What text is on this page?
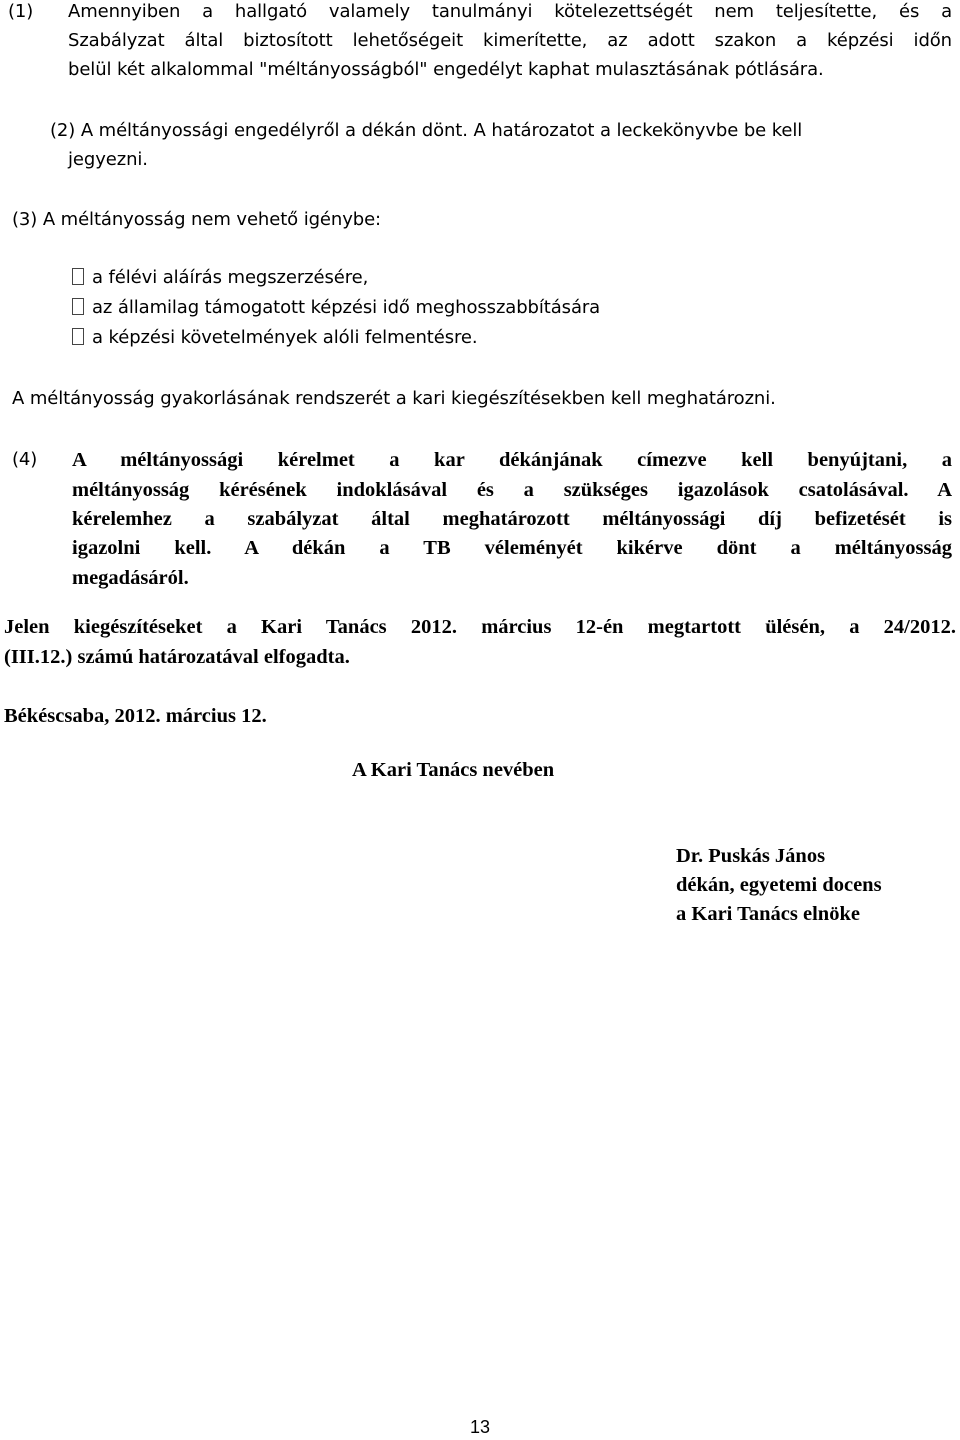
(1) Amennyiben a hallgató valamely tanulmányi kötelezettségét nem teljesítette, és a
Szabályzat által biztosított lehetőségeit kimerítette, az adott szakon a képzési időn
belül két alkalommal "méltányosságból" engedélyt kaphat mulasztásának pótlására.
(2) A méltányossági engedélyről a dékán dönt. A határozatot a leckekönyvbe be kell
jegyezni.
(3) A méltányosság nem vehető igénybe:
a félévi aláírás megszerzésére,
az államilag támogatott képzési idő meghosszabbítására
a képzési követelmények alóli felmentésre.
A méltányosság gyakorlásának rendszerét a kari kiegészítésekben kell meghatározni.
(4) A méltányossági kérelmet a kar dékánjának címezve kell benyújtani, a
méltányosság kérésének indoklásával és a szükséges igazolások csatolásával. A
kérelemhez a szabályzat által meghatározott méltányossági díj befizetését is
igazolni kell. A dékán a TB véleményét kikérve dönt a méltányosság
megadásáról.
Jelen kiegészítéseket a Kari Tanács 2012. március 12-én megtartott ülésén, a 24/2012.
(III.12.) számú határozatával elfogadta.
Békéscsaba, 2012. március 12.
A Kari Tanács nevében
Dr. Puskás János
dékán, egyetemi docens
a Kari Tanács elnöke
13
